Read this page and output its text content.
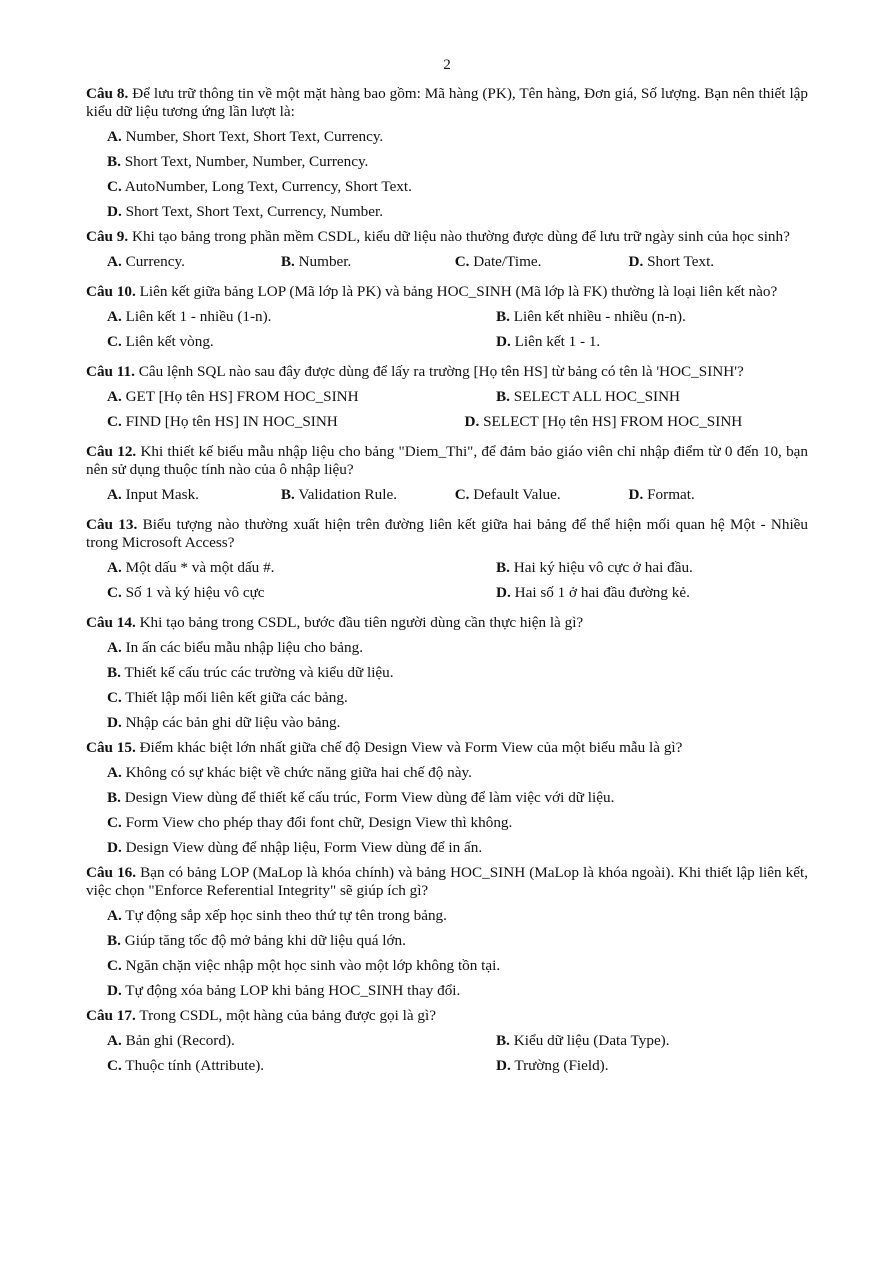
2
Câu 8. Để lưu trữ thông tin về một mặt hàng bao gồm: Mã hàng (PK), Tên hàng, Đơn giá, Số lượng. Bạn nên thiết lập kiểu dữ liệu tương ứng lần lượt là:
A. Number, Short Text, Short Text, Currency.
B. Short Text, Number, Number, Currency.
C. AutoNumber, Long Text, Currency, Short Text.
D. Short Text, Short Text, Currency, Number.
Câu 9. Khi tạo bảng trong phần mềm CSDL, kiểu dữ liệu nào thường được dùng để lưu trữ ngày sinh của học sinh?
A. Currency.	B. Number.	C. Date/Time.	D. Short Text.
Câu 10. Liên kết giữa bảng LOP (Mã lớp là PK) và bảng HOC_SINH (Mã lớp là FK) thường là loại liên kết nào?
A. Liên kết 1 - nhiều (1-n).	B. Liên kết nhiều - nhiều (n-n).C. Liên kết vòng.	D. Liên kết 1 - 1.
Câu 11. Câu lệnh SQL nào sau đây được dùng để lấy ra trường [Họ tên HS] từ bảng có tên là 'HOC_SINH'?
A. GET [Họ tên HS] FROM HOC_SINH	B. SELECT ALL HOC_SINHC. FIND [Họ tên HS] IN HOC_SINH	D. SELECT [Họ tên HS] FROM HOC_SINH
Câu 12. Khi thiết kế biểu mẫu nhập liệu cho bảng "Diem_Thi", để đảm bảo giáo viên chỉ nhập điểm từ 0 đến 10, bạn nên sử dụng thuộc tính nào của ô nhập liệu?
A. Input Mask.	B. Validation Rule.	C. Default Value.	D. Format.
Câu 13. Biểu tượng nào thường xuất hiện trên đường liên kết giữa hai bảng để thể hiện mối quan hệ Một - Nhiều trong Microsoft Access?
A. Một dấu * và một dấu #.	B. Hai ký hiệu vô cực ở hai đầu.C. Số 1 và ký hiệu vô cực	D. Hai số 1 ở hai đầu đường kẻ.
Câu 14. Khi tạo bảng trong CSDL, bước đầu tiên người dùng cần thực hiện là gì?
A. In ấn các biểu mẫu nhập liệu cho bảng.
B. Thiết kế cấu trúc các trường và kiểu dữ liệu.
C. Thiết lập mối liên kết giữa các bảng.
D. Nhập các bản ghi dữ liệu vào bảng.
Câu 15. Điểm khác biệt lớn nhất giữa chế độ Design View và Form View của một biểu mẫu là gì?
A. Không có sự khác biệt về chức năng giữa hai chế độ này.
B. Design View dùng để thiết kế cấu trúc, Form View dùng để làm việc với dữ liệu.
C. Form View cho phép thay đổi font chữ, Design View thì không.
D. Design View dùng để nhập liệu, Form View dùng để in ấn.
Câu 16. Bạn có bảng LOP (MaLop là khóa chính) và bảng HOC_SINH (MaLop là khóa ngoài). Khi thiết lập liên kết, việc chọn "Enforce Referential Integrity" sẽ giúp ích gì?
A. Tự động sắp xếp học sinh theo thứ tự tên trong bảng.
B. Giúp tăng tốc độ mở bảng khi dữ liệu quá lớn.
C. Ngăn chặn việc nhập một học sinh vào một lớp không tồn tại.
D. Tự động xóa bảng LOP khi bảng HOC_SINH thay đổi.
Câu 17. Trong CSDL, một hàng của bảng được gọi là gì?
A. Bản ghi (Record).	B. Kiểu dữ liệu (Data Type).C. Thuộc tính (Attribute).	D. Trường (Field).
